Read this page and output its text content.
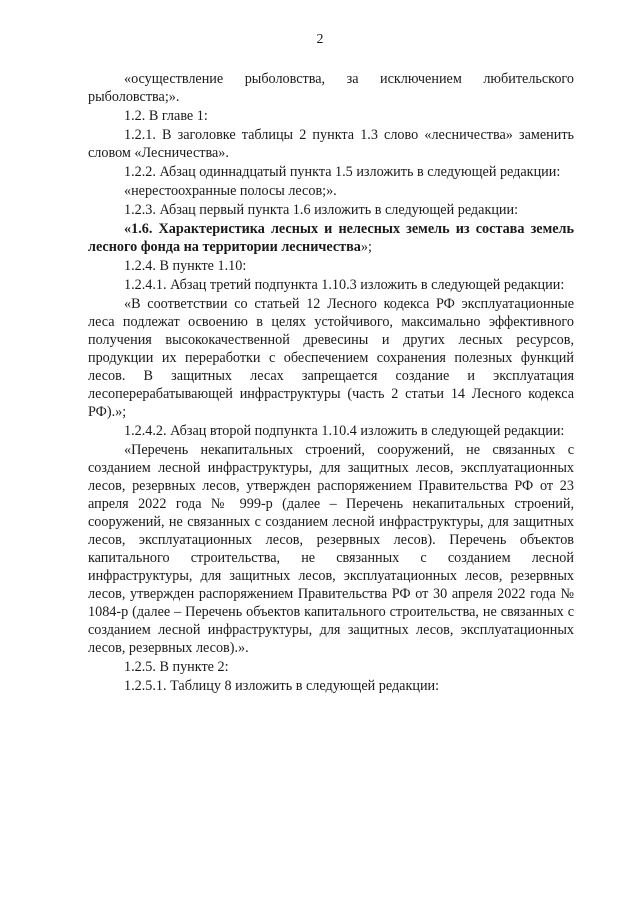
2

«осуществление рыболовства, за исключением любительского рыболовства;».

1.2. В главе 1:

1.2.1. В заголовке таблицы 2 пункта 1.3 слово «лесничества» заменить словом «Лесничества».

1.2.2. Абзац одиннадцатый пункта 1.5 изложить в следующей редакции:

«нерестоохранные полосы лесов;».

1.2.3. Абзац первый пункта 1.6 изложить в следующей редакции:

«1.6. Характеристика лесных и нелесных земель из состава земель лесного фонда на территории лесничества»;

1.2.4. В пункте 1.10:

1.2.4.1. Абзац третий подпункта 1.10.3 изложить в следующей редакции:

«В соответствии со статьей 12 Лесного кодекса РФ эксплуатационные леса подлежат освоению в целях устойчивого, максимально эффективного получения высококачественной древесины и других лесных ресурсов, продукции их переработки с обеспечением сохранения полезных функций лесов. В защитных лесах запрещается создание и эксплуатация лесоперерабатывающей инфраструктуры (часть 2 статьи 14 Лесного кодекса РФ).»;

1.2.4.2. Абзац второй подпункта 1.10.4 изложить в следующей редакции:

«Перечень некапитальных строений, сооружений, не связанных с созданием лесной инфраструктуры, для защитных лесов, эксплуатационных лесов, резервных лесов, утвержден распоряжением Правительства РФ от 23 апреля 2022 года № 999-р (далее – Перечень некапитальных строений, сооружений, не связанных с созданием лесной инфраструктуры, для защитных лесов, эксплуатационных лесов, резервных лесов). Перечень объектов капитального строительства, не связанных с созданием лесной инфраструктуры, для защитных лесов, эксплуатационных лесов, резервных лесов, утвержден распоряжением Правительства РФ от 30 апреля 2022 года № 1084-р (далее – Перечень объектов капитального строительства, не связанных с созданием лесной инфраструктуры, для защитных лесов, эксплуатационных лесов, резервных лесов).».

1.2.5. В пункте 2:

1.2.5.1. Таблицу 8 изложить в следующей редакции:
